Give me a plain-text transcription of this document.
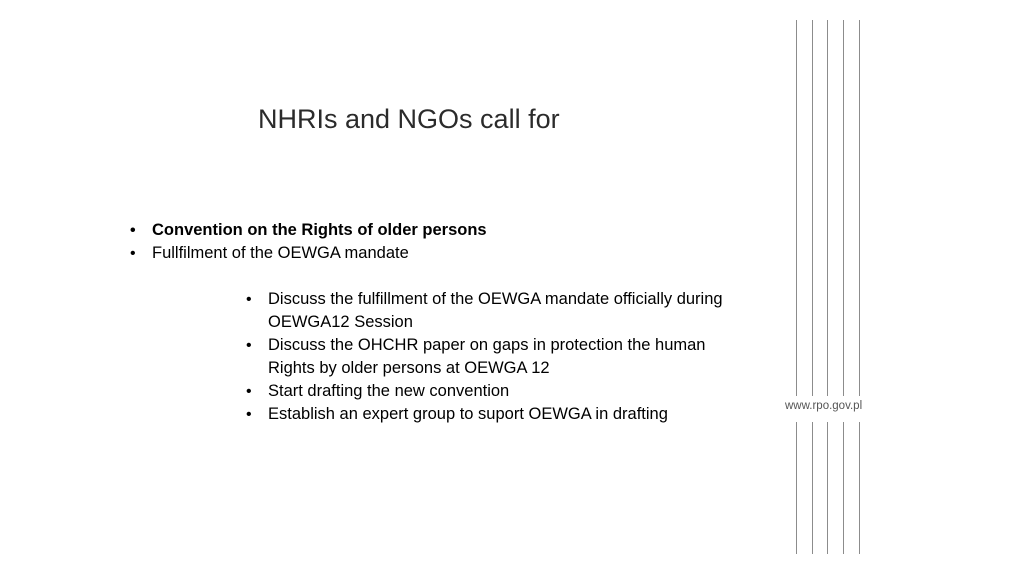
NHRIs and NGOs call for
• Convention on the Rights of older persons
• Fullfilment of the OEWGA mandate
• Discuss the fulfillment of the OEWGA mandate officially during OEWGA12 Session
• Discuss the OHCHR paper on gaps in protection the human Rights by older persons at OEWGA 12
• Start drafting the new convention
• Establish an expert group to suport OEWGA in drafting	www.rpo.gov.pl
